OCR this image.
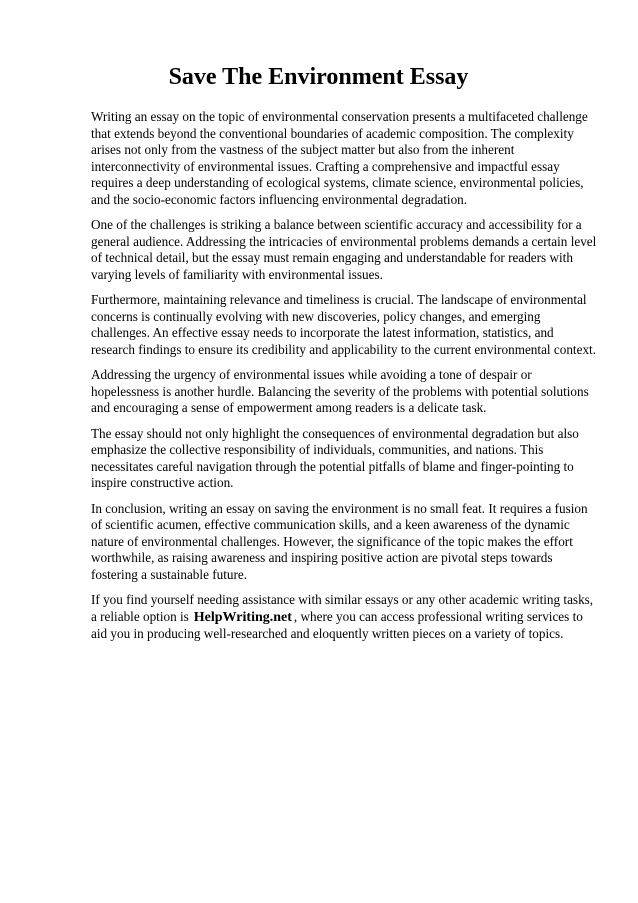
Save The Environment Essay

Writing an essay on the topic of environmental conservation presents a multifaceted challenge that extends beyond the conventional boundaries of academic composition. The complexity arises not only from the vastness of the subject matter but also from the inherent interconnectivity of environmental issues. Crafting a comprehensive and impactful essay requires a deep understanding of ecological systems, climate science, environmental policies, and the socio-economic factors influencing environmental degradation.

One of the challenges is striking a balance between scientific accuracy and accessibility for a general audience. Addressing the intricacies of environmental problems demands a certain level of technical detail, but the essay must remain engaging and understandable for readers with varying levels of familiarity with environmental issues.

Furthermore, maintaining relevance and timeliness is crucial. The landscape of environmental concerns is continually evolving with new discoveries, policy changes, and emerging challenges. An effective essay needs to incorporate the latest information, statistics, and research findings to ensure its credibility and applicability to the current environmental context.

Addressing the urgency of environmental issues while avoiding a tone of despair or hopelessness is another hurdle. Balancing the severity of the problems with potential solutions and encouraging a sense of empowerment among readers is a delicate task.

The essay should not only highlight the consequences of environmental degradation but also emphasize the collective responsibility of individuals, communities, and nations. This necessitates careful navigation through the potential pitfalls of blame and finger-pointing to inspire constructive action.

In conclusion, writing an essay on saving the environment is no small feat. It requires a fusion of scientific acumen, effective communication skills, and a keen awareness of the dynamic nature of environmental challenges. However, the significance of the topic makes the effort worthwhile, as raising awareness and inspiring positive action are pivotal steps towards fostering a sustainable future.

If you find yourself needing assistance with similar essays or any other academic writing tasks, a reliable option is HelpWriting.net , where you can access professional writing services to aid you in producing well-researched and eloquently written pieces on a variety of topics.
